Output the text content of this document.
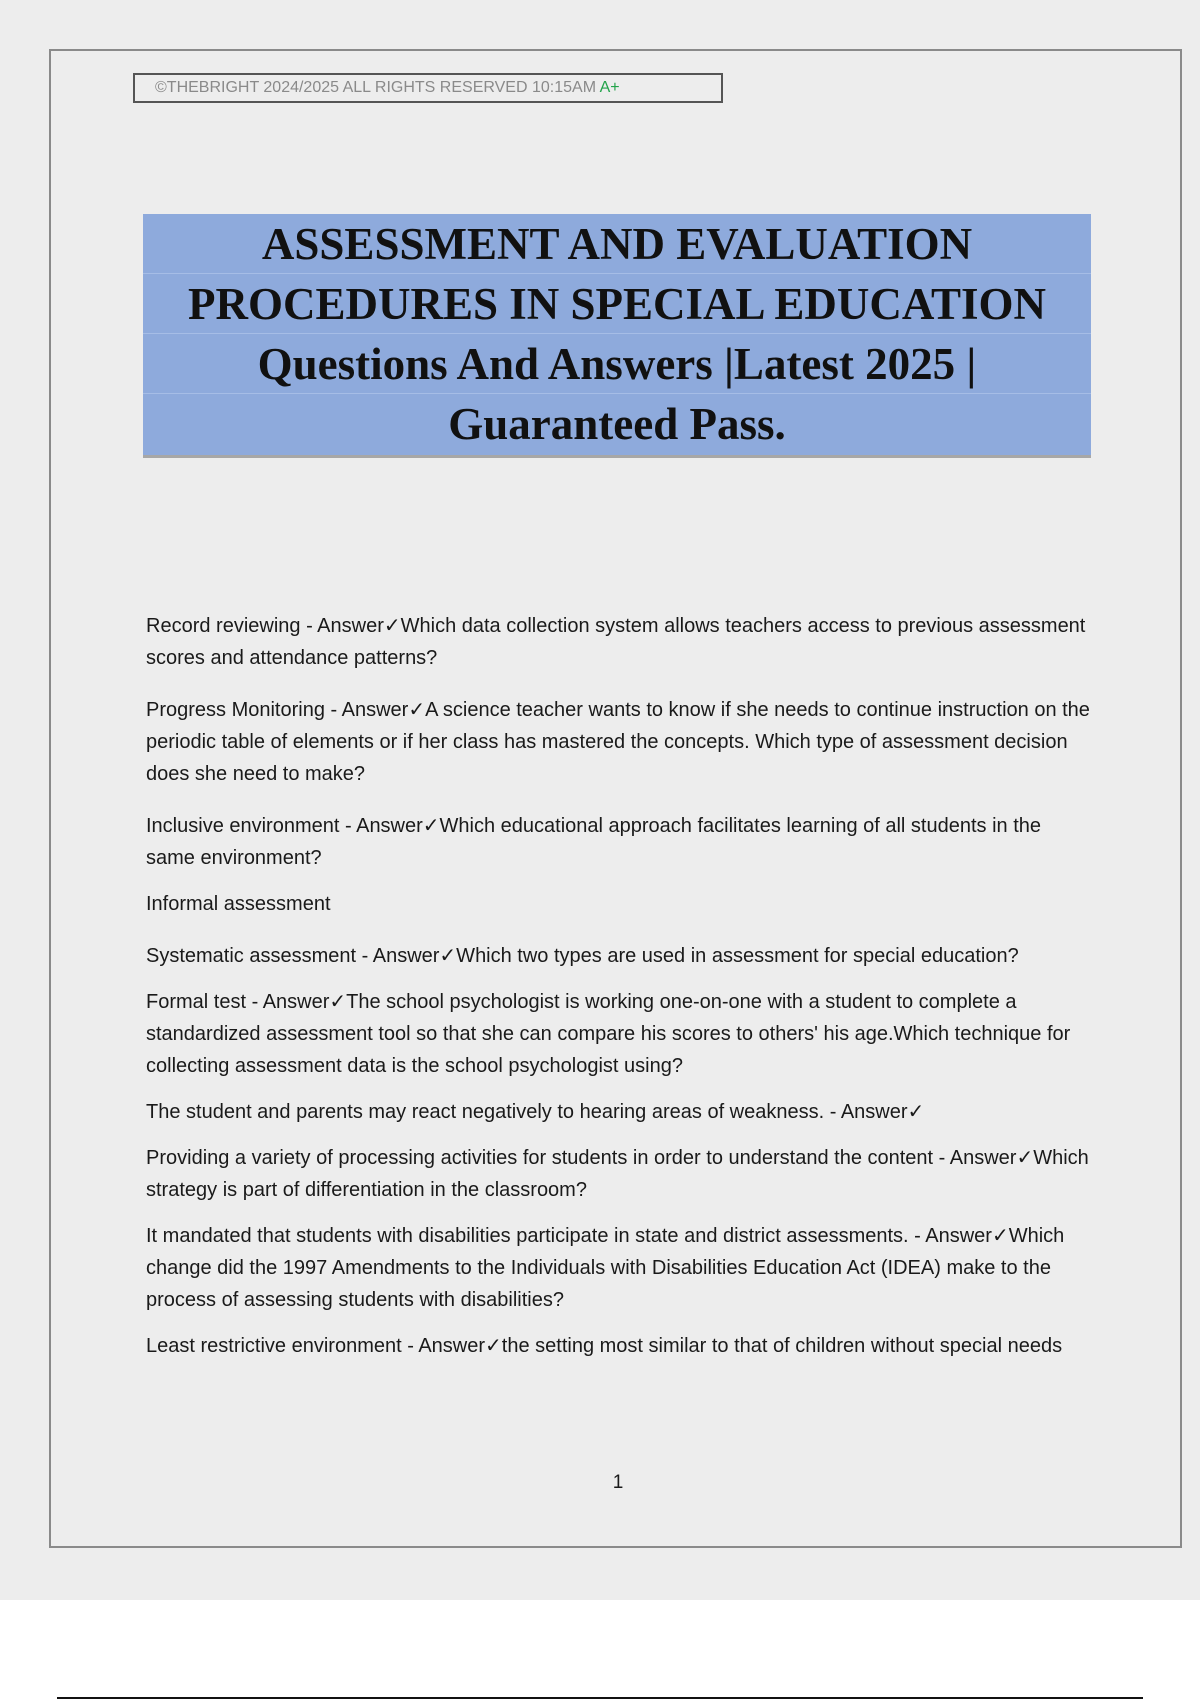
©THEBRIGHT 2024/2025 ALL RIGHTS RESERVED 10:15AM A+
ASSESSMENT AND EVALUATION
PROCEDURES IN SPECIAL EDUCATION
Questions And Answers |Latest 2025 |
Guaranteed Pass.

Record reviewing - Answer✓Which data collection system allows teachers access to previous assessment scores and attendance patterns?

Progress Monitoring - Answer✓A science teacher wants to know if she needs to continue instruction on the periodic table of elements or if her class has mastered the concepts. Which type of assessment decision does she need to make?

Inclusive environment - Answer✓Which educational approach facilitates learning of all students in the same environment?

Informal assessment

Systematic assessment - Answer✓Which two types are used in assessment for special education?

Formal test - Answer✓The school psychologist is working one-on-one with a student to complete a standardized assessment tool so that she can compare his scores to others' his age.Which technique for collecting assessment data is the school psychologist using?

The student and parents may react negatively to hearing areas of weakness. - Answer✓

Providing a variety of processing activities for students in order to understand the content - Answer✓Which strategy is part of differentiation in the classroom?

It mandated that students with disabilities participate in state and district assessments. - Answer✓Which change did the 1997 Amendments to the Individuals with Disabilities Education Act (IDEA) make to the process of assessing students with disabilities?

Least restrictive environment - Answer✓the setting most similar to that of children without special needs

1
